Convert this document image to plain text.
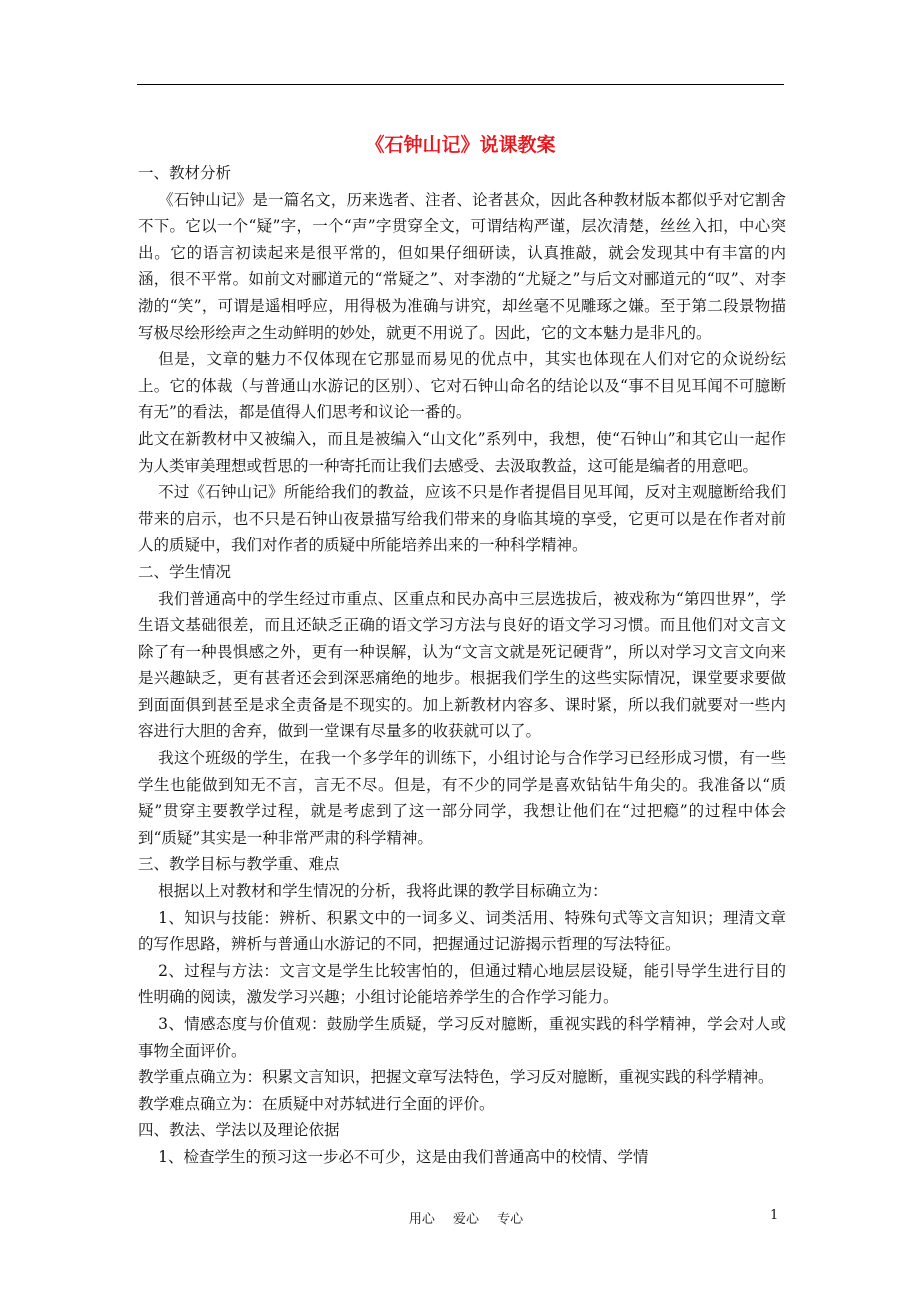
《石钟山记》说课教案

一、教材分析

《石钟山记》是一篇名文，历来选者、注者、论者甚众，因此各种教材版本都似乎对它割舍不下。它以一个“疑”字，一个“声”字贯穿全文，可谓结构严谨，层次清楚，丝丝入扣，中心突出。它的语言初读起来是很平常的，但如果仔细研读，认真推敲，就会发现其中有丰富的内涵，很不平常。如前文对郦道元的“常疑之”、对李渤的“尤疑之”与后文对郦道元的“叹”、对李渤的“笑”，可谓是遥相呼应，用得极为准确与讲究，却丝毫不见雕琢之嫌。至于第二段景物描写极尽绘形绘声之生动鲜明的妙处，就更不用说了。因此，它的文本魅力是非凡的。

但是，文章的魅力不仅体现在它那显而易见的优点中，其实也体现在人们对它的众说纷纭上。它的体裁（与普通山水游记的区别）、它对石钟山命名的结论以及“事不目见耳闻不可臆断有无”的看法，都是值得人们思考和议论一番的。

此文在新教材中又被编入，而且是被编入“山文化”系列中，我想，使“石钟山”和其它山一起作为人类审美理想或哲思的一种寄托而让我们去感受、去汲取教益，这可能是编者的用意吧。

不过《石钟山记》所能给我们的教益，应该不只是作者提倡目见耳闻，反对主观臆断给我们带来的启示，也不只是石钟山夜景描写给我们带来的身临其境的享受，它更可以是在作者对前人的质疑中，我们对作者的质疑中所能培养出来的一种科学精神。

二、学生情况

我们普通高中的学生经过市重点、区重点和民办高中三层选拔后，被戏称为“第四世界”，学生语文基础很差，而且还缺乏正确的语文学习方法与良好的语文学习习惯。而且他们对文言文除了有一种畏惧感之外，更有一种误解，认为“文言文就是死记硬背”，所以对学习文言文向来是兴趣缺乏，更有甚者还会到深恶痛绝的地步。根据我们学生的这些实际情况，课堂要求要做到面面俱到甚至是求全责备是不现实的。加上新教材内容多、课时紧，所以我们就要对一些内容进行大胆的舍弃，做到一堂课有尽量多的收获就可以了。

我这个班级的学生，在我一个多学年的训练下，小组讨论与合作学习已经形成习惯，有一些学生也能做到知无不言，言无不尽。但是，有不少的同学是喜欢钻钻牛角尖的。我准备以“质疑”贯穿主要教学过程，就是考虑到了这一部分同学，我想让他们在“过把瘾”的过程中体会到“质疑”其实是一种非常严肃的科学精神。

三、教学目标与教学重、难点

根据以上对教材和学生情况的分析，我将此课的教学目标确立为：

1、知识与技能：辨析、积累文中的一词多义、词类活用、特殊句式等文言知识；理清文章的写作思路，辨析与普通山水游记的不同，把握通过记游揭示哲理的写法特征。

2、过程与方法：文言文是学生比较害怕的，但通过精心地层层设疑，能引导学生进行目的性明确的阅读，激发学习兴趣；小组讨论能培养学生的合作学习能力。

3、情感态度与价值观：鼓励学生质疑，学习反对臆断，重视实践的科学精神，学会对人或事物全面评价。

教学重点确立为：积累文言知识，把握文章写法特色，学习反对臆断，重视实践的科学精神。

教学难点确立为：在质疑中对苏轼进行全面的评价。

四、教法、学法以及理论依据

1、检查学生的预习这一步必不可少，这是由我们普通高中的校情、学情

用心 爱心 专心	1
